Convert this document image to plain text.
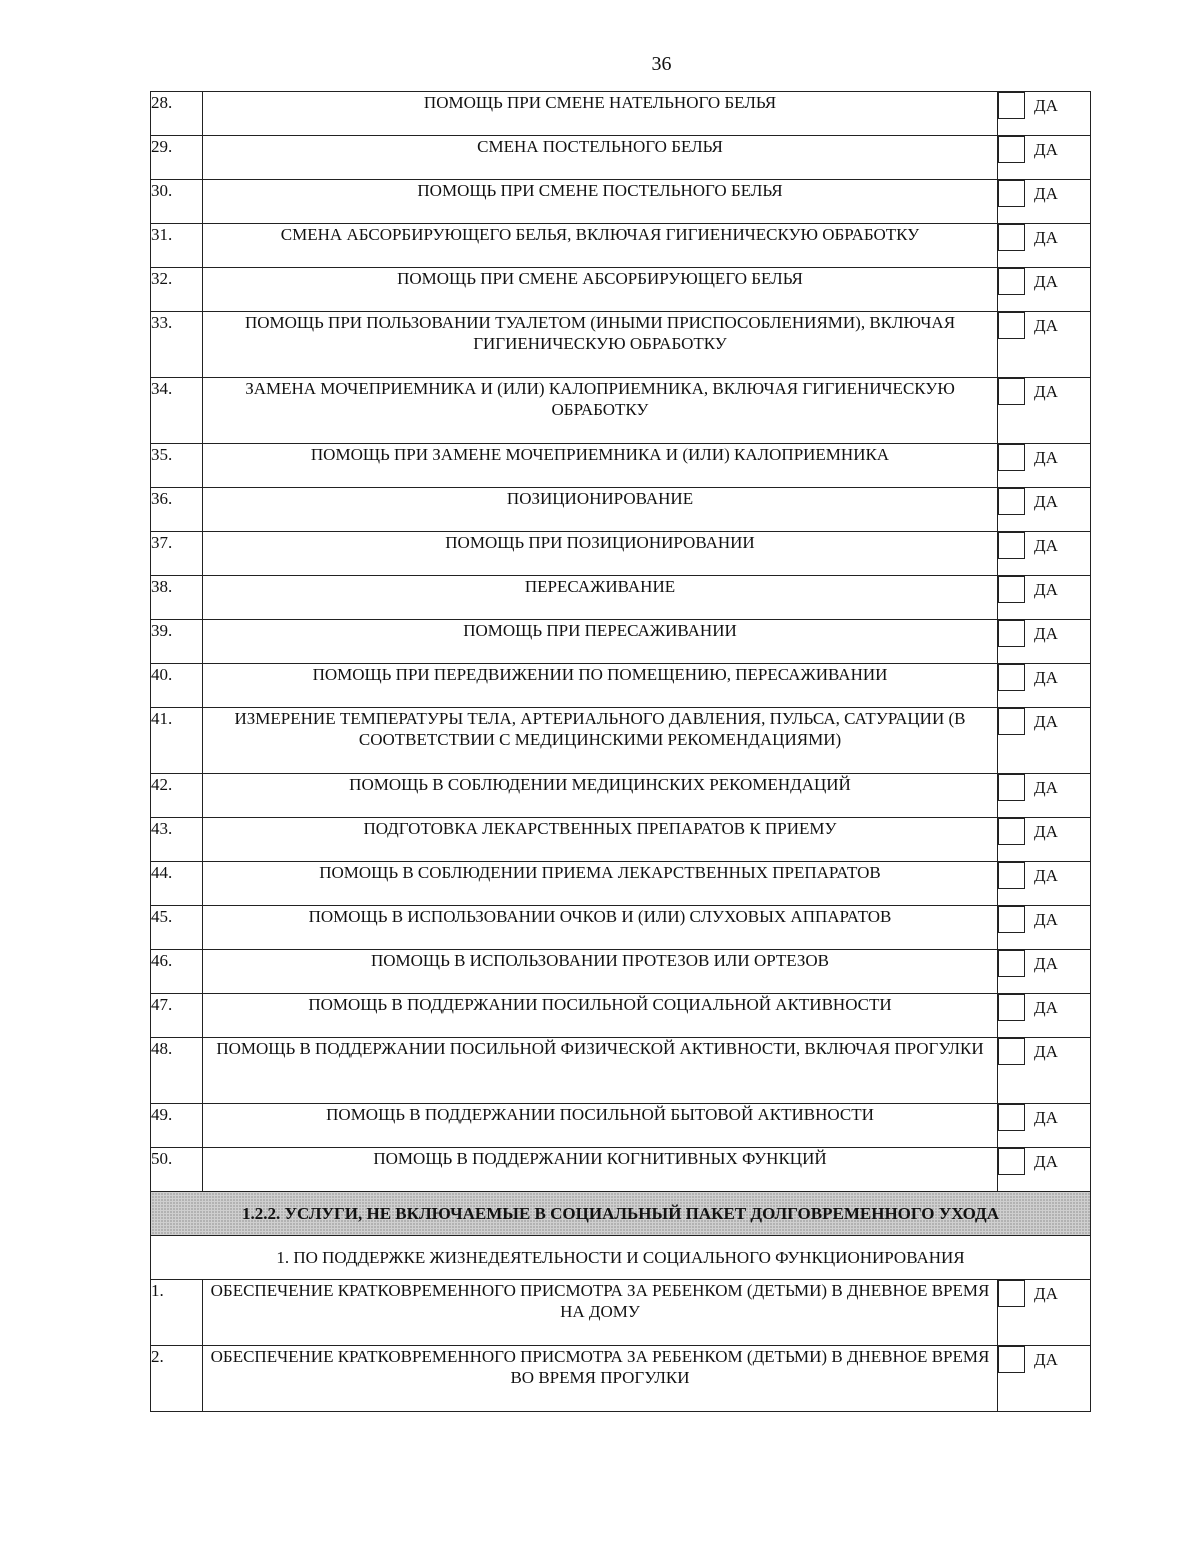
36
28.	ПОМОЩЬ ПРИ СМЕНЕ НАТЕЛЬНОГО БЕЛЬЯ	ДА
29.	СМЕНА ПОСТЕЛЬНОГО БЕЛЬЯ	ДА
30.	ПОМОЩЬ ПРИ СМЕНЕ ПОСТЕЛЬНОГО БЕЛЬЯ	ДА
31.	СМЕНА АБСОРБИРУЮЩЕГО БЕЛЬЯ, ВКЛЮЧАЯ ГИГИЕНИЧЕСКУЮ ОБРАБОТКУ	ДА
32.	ПОМОЩЬ ПРИ СМЕНЕ АБСОРБИРУЮЩЕГО БЕЛЬЯ	ДА
33.	ПОМОЩЬ ПРИ ПОЛЬЗОВАНИИ ТУАЛЕТОМ (ИНЫМИ ПРИСПОСОБЛЕНИЯМИ), ВКЛЮЧАЯ ГИГИЕНИЧЕСКУЮ ОБРАБОТКУ	ДА
34.	ЗАМЕНА МОЧЕПРИЕМНИКА И (ИЛИ) КАЛОПРИЕМНИКА, ВКЛЮЧАЯ ГИГИЕНИЧЕСКУЮ ОБРАБОТКУ	ДА
35.	ПОМОЩЬ ПРИ ЗАМЕНЕ МОЧЕПРИЕМНИКА И (ИЛИ) КАЛОПРИЕМНИКА	ДА
36.	ПОЗИЦИОНИРОВАНИЕ	ДА
37.	ПОМОЩЬ ПРИ ПОЗИЦИОНИРОВАНИИ	ДА
38.	ПЕРЕСАЖИВАНИЕ	ДА
39.	ПОМОЩЬ ПРИ ПЕРЕСАЖИВАНИИ	ДА
40.	ПОМОЩЬ ПРИ ПЕРЕДВИЖЕНИИ ПО ПОМЕЩЕНИЮ, ПЕРЕСАЖИВАНИИ	ДА
41.	ИЗМЕРЕНИЕ ТЕМПЕРАТУРЫ ТЕЛА, АРТЕРИАЛЬНОГО ДАВЛЕНИЯ, ПУЛЬСА, САТУРАЦИИ (В СООТВЕТСТВИИ С МЕДИЦИНСКИМИ РЕКОМЕНДАЦИЯМИ)	ДА
42.	ПОМОЩЬ В СОБЛЮДЕНИИ МЕДИЦИНСКИХ РЕКОМЕНДАЦИЙ	ДА
43.	ПОДГОТОВКА ЛЕКАРСТВЕННЫХ ПРЕПАРАТОВ К ПРИЕМУ	ДА
44.	ПОМОЩЬ В СОБЛЮДЕНИИ ПРИЕМА ЛЕКАРСТВЕННЫХ ПРЕПАРАТОВ	ДА
45.	ПОМОЩЬ В ИСПОЛЬЗОВАНИИ ОЧКОВ И (ИЛИ) СЛУХОВЫХ АППАРАТОВ	ДА
46.	ПОМОЩЬ В ИСПОЛЬЗОВАНИИ ПРОТЕЗОВ ИЛИ ОРТЕЗОВ	ДА
47.	ПОМОЩЬ В ПОДДЕРЖАНИИ ПОСИЛЬНОЙ СОЦИАЛЬНОЙ АКТИВНОСТИ	ДА
48.	ПОМОЩЬ В ПОДДЕРЖАНИИ ПОСИЛЬНОЙ ФИЗИЧЕСКОЙ АКТИВНОСТИ, ВКЛЮЧАЯ ПРОГУЛКИ	ДА
49.	ПОМОЩЬ В ПОДДЕРЖАНИИ ПОСИЛЬНОЙ БЫТОВОЙ АКТИВНОСТИ	ДА
50.	ПОМОЩЬ В ПОДДЕРЖАНИИ КОГНИТИВНЫХ ФУНКЦИЙ	ДА
1.2.2. УСЛУГИ, НЕ ВКЛЮЧАЕМЫЕ В СОЦИАЛЬНЫЙ ПАКЕТ ДОЛГОВРЕМЕННОГО УХОДА		
1. ПО ПОДДЕРЖКЕ ЖИЗНЕДЕЯТЕЛЬНОСТИ И СОЦИАЛЬНОГО ФУНКЦИОНИРОВАНИЯ		
1.	ОБЕСПЕЧЕНИЕ КРАТКОВРЕМЕННОГО ПРИСМОТРА ЗА РЕБЕНКОМ (ДЕТЬМИ) В ДНЕВНОЕ ВРЕМЯ НА ДОМУ	ДА
2.	ОБЕСПЕЧЕНИЕ КРАТКОВРЕМЕННОГО ПРИСМОТРА ЗА РЕБЕНКОМ (ДЕТЬМИ) В ДНЕВНОЕ ВРЕМЯ ВО ВРЕМЯ ПРОГУЛКИ	ДА
